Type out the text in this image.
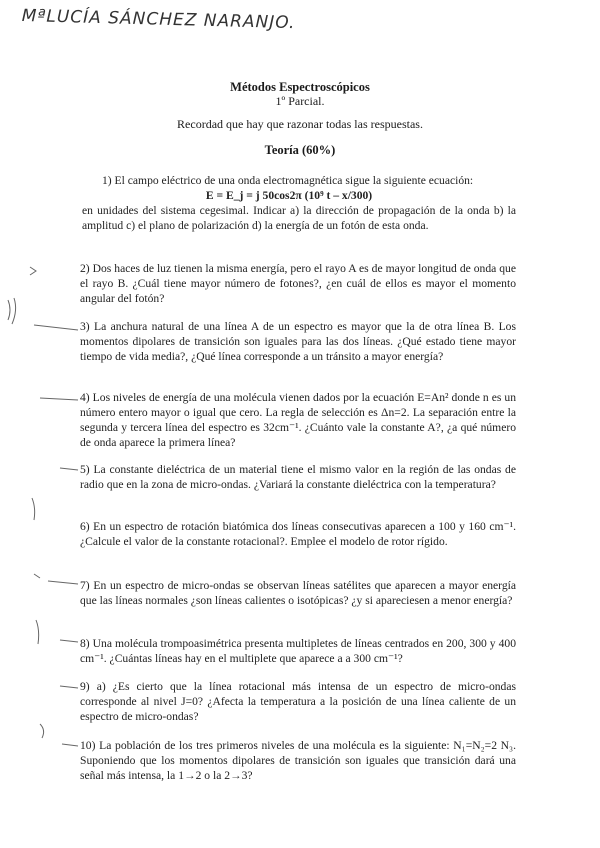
MªLUCÍA SÁNCHEZ NARANJO.
Métodos Espectroscópicos
1º Parcial.
Recordad que hay que razonar todas las respuestas.
Teoría (60%)
1) El campo eléctrico de una onda electromagnética sigue la siguiente ecuación:
E = E_j = j 50cos2π (10⁹ t – x/300)
en unidades del sistema cegesimal. Indicar a) la dirección de propagación de la onda b) la amplitud c) el plano de polarización d) la energía de un fotón de esta onda.
2) Dos haces de luz tienen la misma energía, pero el rayo A es de mayor longitud de onda que el rayo B. ¿Cuál tiene mayor número de fotones?, ¿en cuál de ellos es mayor el momento angular del fotón?
3) La anchura natural de una línea A de un espectro es mayor que la de otra línea B. Los momentos dipolares de transición son iguales para las dos líneas. ¿Qué estado tiene mayor tiempo de vida media?, ¿Qué línea corresponde a un tránsito a mayor energía?
4) Los niveles de energía de una molécula vienen dados por la ecuación E=An² donde n es un número entero mayor o igual que cero. La regla de selección es Δn=2. La separación entre la segunda y tercera línea del espectro es 32cm⁻¹. ¿Cuánto vale la constante A?, ¿a qué número de onda aparece la primera línea?
5) La constante dieléctrica de un material tiene el mismo valor en la región de las ondas de radio que en la zona de micro-ondas. ¿Variará la constante dieléctrica con la temperatura?
6) En un espectro de rotación biatómica dos líneas consecutivas aparecen a 100 y 160 cm⁻¹. ¿Calcule el valor de la constante rotacional?. Emplee el modelo de rotor rígido.
7) En un espectro de micro-ondas se observan líneas satélites que aparecen a mayor energía que las líneas normales ¿son líneas calientes o isotópicas? ¿y si apareciesen a menor energía?
8) Una molécula trompoasimétrica presenta multipletes de líneas centrados en 200, 300 y 400 cm⁻¹. ¿Cuántas líneas hay en el multiplete que aparece a a 300 cm⁻¹?
9) a) ¿Es cierto que la línea rotacional más intensa de un espectro de micro-ondas corresponde al nivel J=0? ¿Afecta la temperatura a la posición de una línea caliente de un espectro de micro-ondas?
10) La población de los tres primeros niveles de una molécula es la siguiente: N₁=N₂=2 N₃. Suponiendo que los momentos dipolares de transición son iguales que transición dará una señal más intensa, la 1→2 o la 2→3?
